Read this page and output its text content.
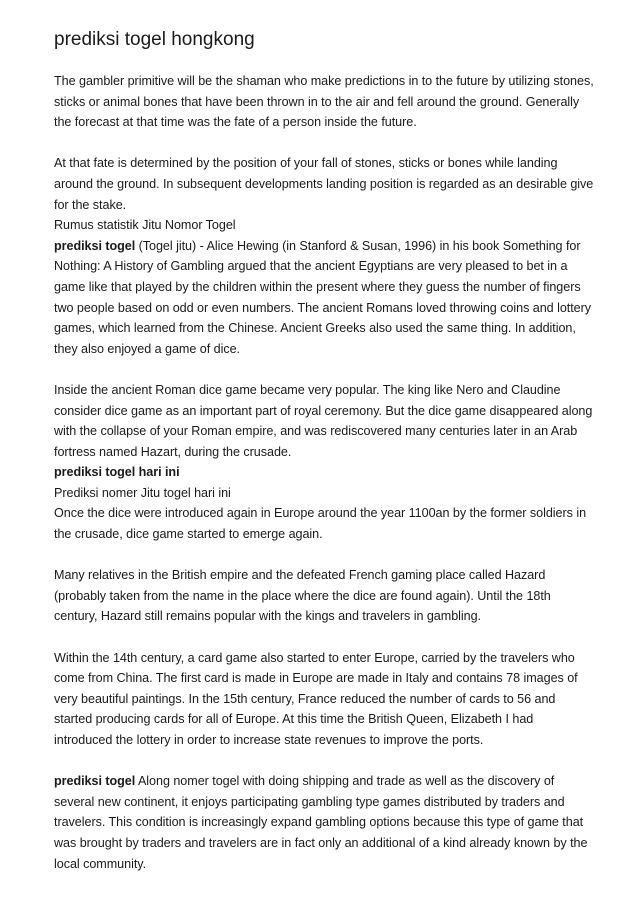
prediksi togel hongkong

The gambler primitive will be the shaman who make predictions in to the future by utilizing stones, sticks or animal bones that have been thrown in to the air and fell around the ground. Generally the forecast at that time was the fate of a person inside the future.

At that fate is determined by the position of your fall of stones, sticks or bones while landing around the ground. In subsequent developments landing position is regarded as an desirable give for the stake.

Rumus statistik Jitu Nomor Togel

prediksi togel (Togel jitu) - Alice Hewing (in Stanford & Susan, 1996) in his book Something for Nothing: A History of Gambling argued that the ancient Egyptians are very pleased to bet in a game like that played by the children within the present where they guess the number of fingers two people based on odd or even numbers. The ancient Romans loved throwing coins and lottery games, which learned from the Chinese. Ancient Greeks also used the same thing. In addition, they also enjoyed a game of dice.

Inside the ancient Roman dice game became very popular. The king like Nero and Claudine consider dice game as an important part of royal ceremony. But the dice game disappeared along with the collapse of your Roman empire, and was rediscovered many centuries later in an Arab fortress named Hazart, during the crusade.

prediksi togel hari ini

Prediksi nomer Jitu togel hari ini

Once the dice were introduced again in Europe around the year 1100an by the former soldiers in the crusade, dice game started to emerge again.

Many relatives in the British empire and the defeated French gaming place called Hazard (probably taken from the name in the place where the dice are found again). Until the 18th century, Hazard still remains popular with the kings and travelers in gambling.

Within the 14th century, a card game also started to enter Europe, carried by the travelers who come from China. The first card is made in Europe are made in Italy and contains 78 images of very beautiful paintings. In the 15th century, France reduced the number of cards to 56 and started producing cards for all of Europe. At this time the British Queen, Elizabeth I had introduced the lottery in order to increase state revenues to improve the ports.

prediksi togel Along nomer togel with doing shipping and trade as well as the discovery of several new continent, it enjoys participating gambling type games distributed by traders and travelers. This condition is increasingly expand gambling options because this type of game that was brought by traders and travelers are in fact only an additional of a kind already known by the local community.
